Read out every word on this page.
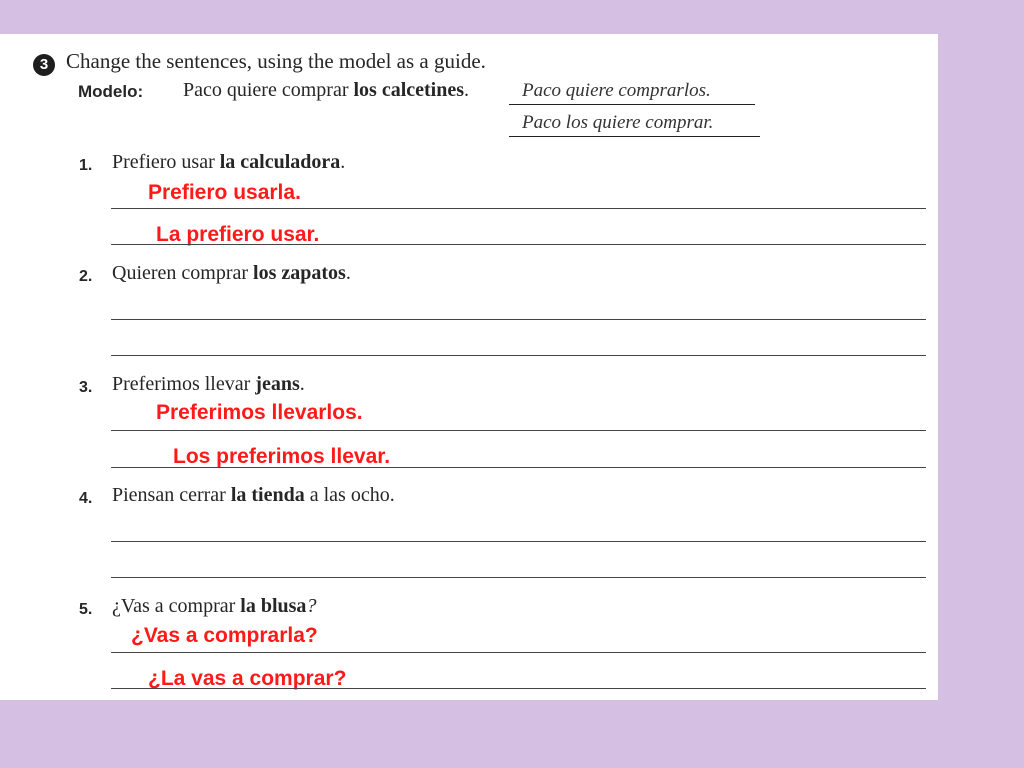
3 Change the sentences, using the model as a guide.
Modelo: Paco quiere comprar los calcetines.	Paco quiere comprarlos.
Paco los quiere comprar.
1. Prefiero usar la calculadora.
Prefiero usarla.
La prefiero usar.
2. Quieren comprar los zapatos.
3. Preferimos llevar jeans.
Preferimos llevarlos.
Los preferimos llevar.
4. Piensan cerrar la tienda a las ocho.
5. ¿Vas a comprar la blusa?
¿Vas a comprarla?
¿La vas a comprar?
